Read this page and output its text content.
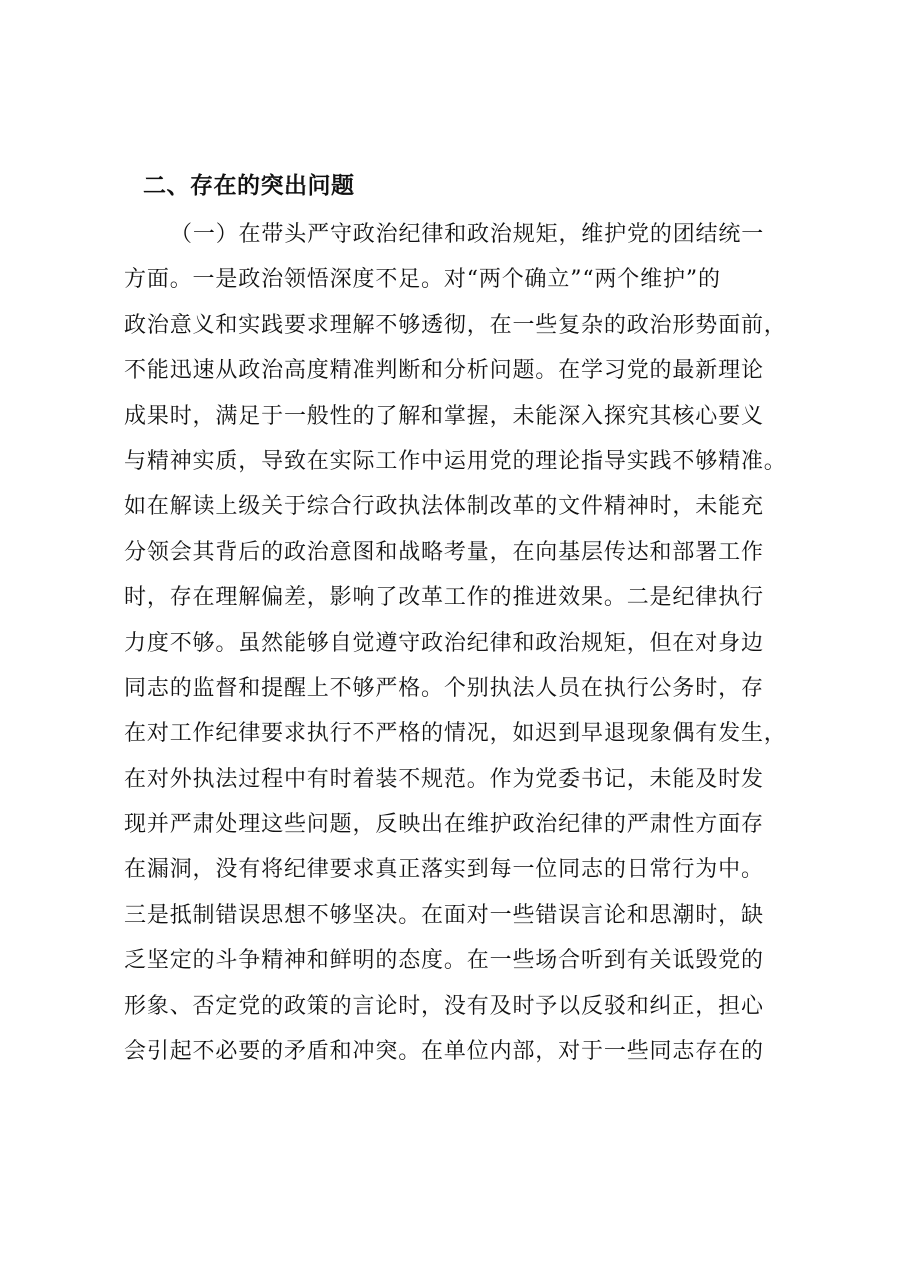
二、存在的突出问题
（一）在带头严守政治纪律和政治规矩，维护党的团结统一
方面。一是政治领悟深度不足。对“两个确立”“两个维护”的
政治意义和实践要求理解不够透彻，在一些复杂的政治形势面前，
不能迅速从政治高度精准判断和分析问题。在学习党的最新理论
成果时，满足于一般性的了解和掌握，未能深入探究其核心要义
与精神实质，导致在实际工作中运用党的理论指导实践不够精准。
如在解读上级关于综合行政执法体制改革的文件精神时，未能充
分领会其背后的政治意图和战略考量，在向基层传达和部署工作
时，存在理解偏差，影响了改革工作的推进效果。二是纪律执行
力度不够。虽然能够自觉遵守政治纪律和政治规矩，但在对身边
同志的监督和提醒上不够严格。个别执法人员在执行公务时，存
在对工作纪律要求执行不严格的情况，如迟到早退现象偶有发生，
在对外执法过程中有时着装不规范。作为党委书记，未能及时发
现并严肃处理这些问题，反映出在维护政治纪律的严肃性方面存
在漏洞，没有将纪律要求真正落实到每一位同志的日常行为中。
三是抵制错误思想不够坚决。在面对一些错误言论和思潮时，缺
乏坚定的斗争精神和鲜明的态度。在一些场合听到有关诋毁党的
形象、否定党的政策的言论时，没有及时予以反驳和纠正，担心
会引起不必要的矛盾和冲突。在单位内部，对于一些同志存在的
